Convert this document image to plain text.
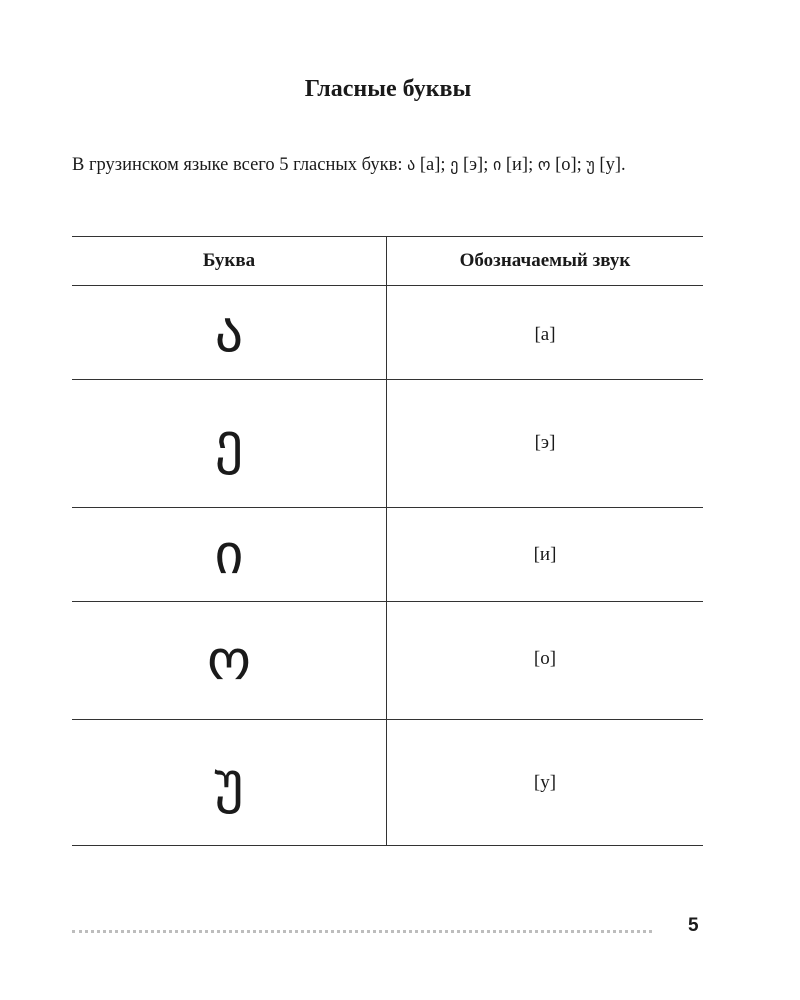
Гласные буквы
В грузинском языке всего 5 гласных букв: ა [а]; ე [э]; ი [и]; ო [о]; უ [у].
Буква	Обозначаемый звук
ა	[а]
ე	[э]
ი	[и]
ო	[о]
უ	[у]
5
